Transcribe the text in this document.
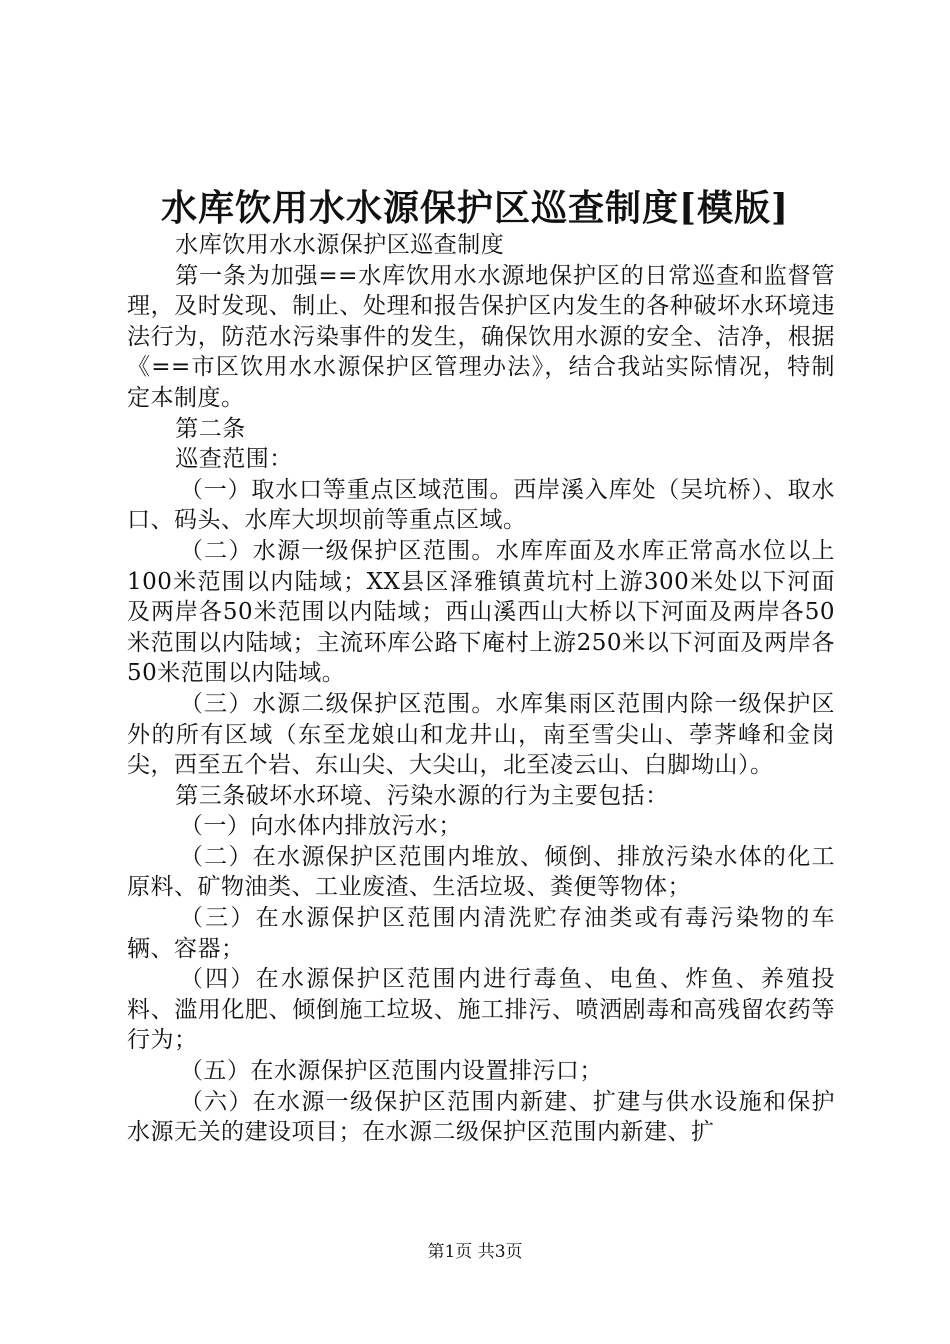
水库饮用水水源保护区巡查制度[模版]

水库饮用水水源保护区巡查制度

第一条为加强==水库饮用水水源地保护区的日常巡查和监督管理，及时发现、制止、处理和报告保护区内发生的各种破坏水环境违法行为，防范水污染事件的发生，确保饮用水源的安全、洁净，根据《==市区饮用水水源保护区管理办法》，结合我站实际情况，特制定本制度。

第二条

巡查范围：

（一）取水口等重点区域范围。西岸溪入库处（吴坑桥）、取水口、码头、水库大坝坝前等重点区域。

（二）水源一级保护区范围。水库库面及水库正常高水位以上100米范围以内陆域；XX县区泽雅镇黄坑村上游300米处以下河面及两岸各50米范围以内陆域；西山溪西山大桥以下河面及两岸各50米范围以内陆域；主流环库公路下庵村上游250米以下河面及两岸各50米范围以内陆域。

（三）水源二级保护区范围。水库集雨区范围内除一级保护区外的所有区域（东至龙娘山和龙井山，南至雪尖山、荸荠峰和金岗尖，西至五个岩、东山尖、大尖山，北至凌云山、白脚坳山）。

第三条破坏水环境、污染水源的行为主要包括：

（一）向水体内排放污水；

（二）在水源保护区范围内堆放、倾倒、排放污染水体的化工原料、矿物油类、工业废渣、生活垃圾、粪便等物体；

（三）在水源保护区范围内清洗贮存油类或有毒污染物的车辆、容器；

（四）在水源保护区范围内进行毒鱼、电鱼、炸鱼、养殖投料、滥用化肥、倾倒施工垃圾、施工排污、喷洒剧毒和高残留农药等行为；

（五）在水源保护区范围内设置排污口；

（六）在水源一级保护区范围内新建、扩建与供水设施和保护水源无关的建设项目；在水源二级保护区范围内新建、扩

第1页 共3页
